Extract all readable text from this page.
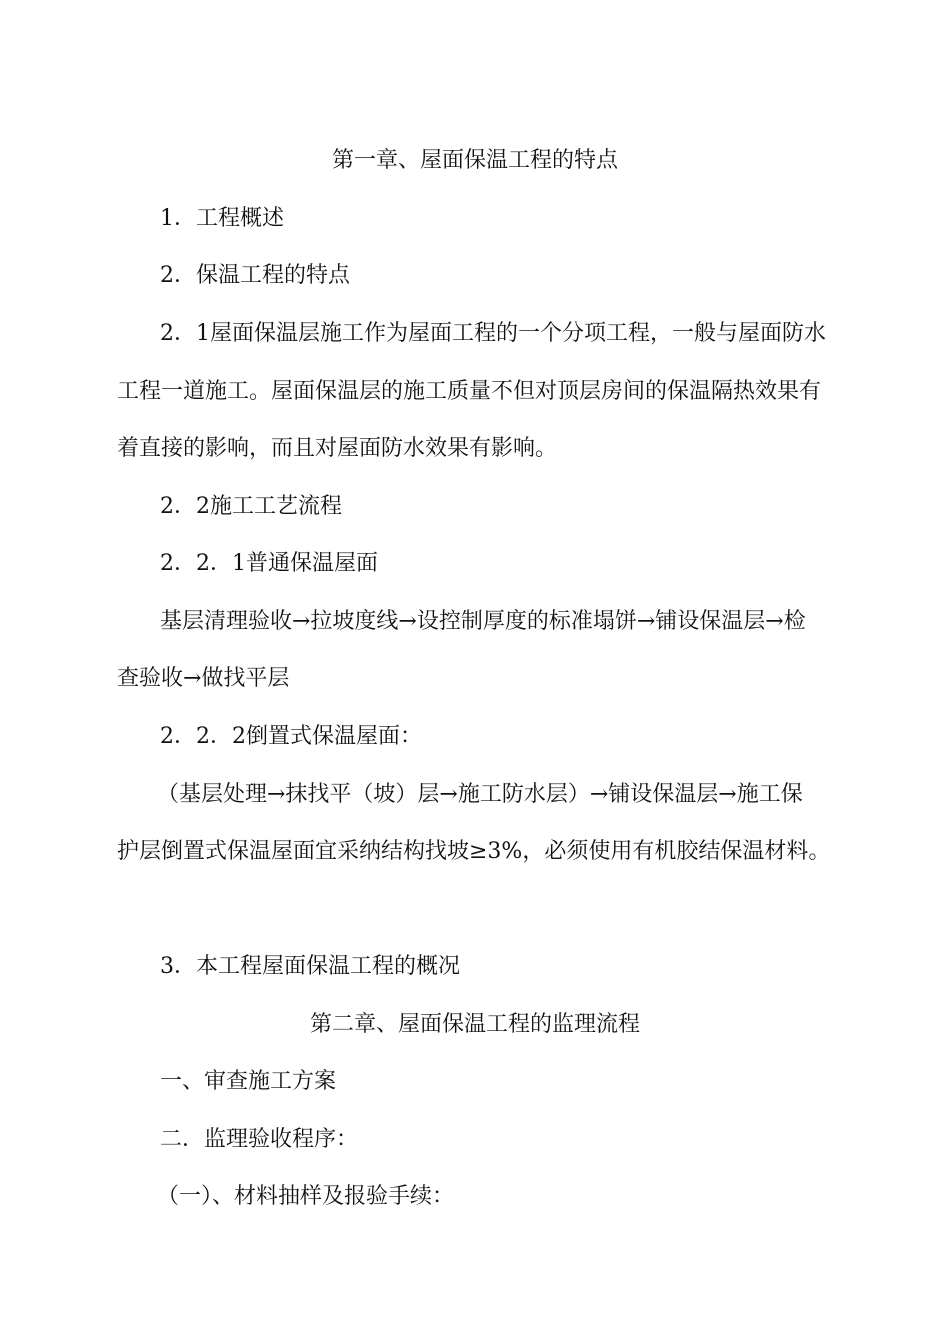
第一章、屋面保温工程的特点
1．工程概述
2．保温工程的特点
2．1屋面保温层施工作为屋面工程的一个分项工程，一般与屋面防水
工程一道施工。屋面保温层的施工质量不但对顶层房间的保温隔热效果有
着直接的影响，而且对屋面防水效果有影响。
2．2施工工艺流程
2．2．1普通保温屋面
基层清理验收→拉坡度线→设控制厚度的标准塌饼→铺设保温层→检
查验收→做找平层
2．2．2倒置式保温屋面：
（基层处理→抹找平（坡）层→施工防水层）→铺设保温层→施工保
护层倒置式保温屋面宜采纳结构找坡≥3%，必须使用有机胶结保温材料。
3．本工程屋面保温工程的概况
第二章、屋面保温工程的监理流程
一、审查施工方案
二．监理验收程序：
（一）、材料抽样及报验手续：
